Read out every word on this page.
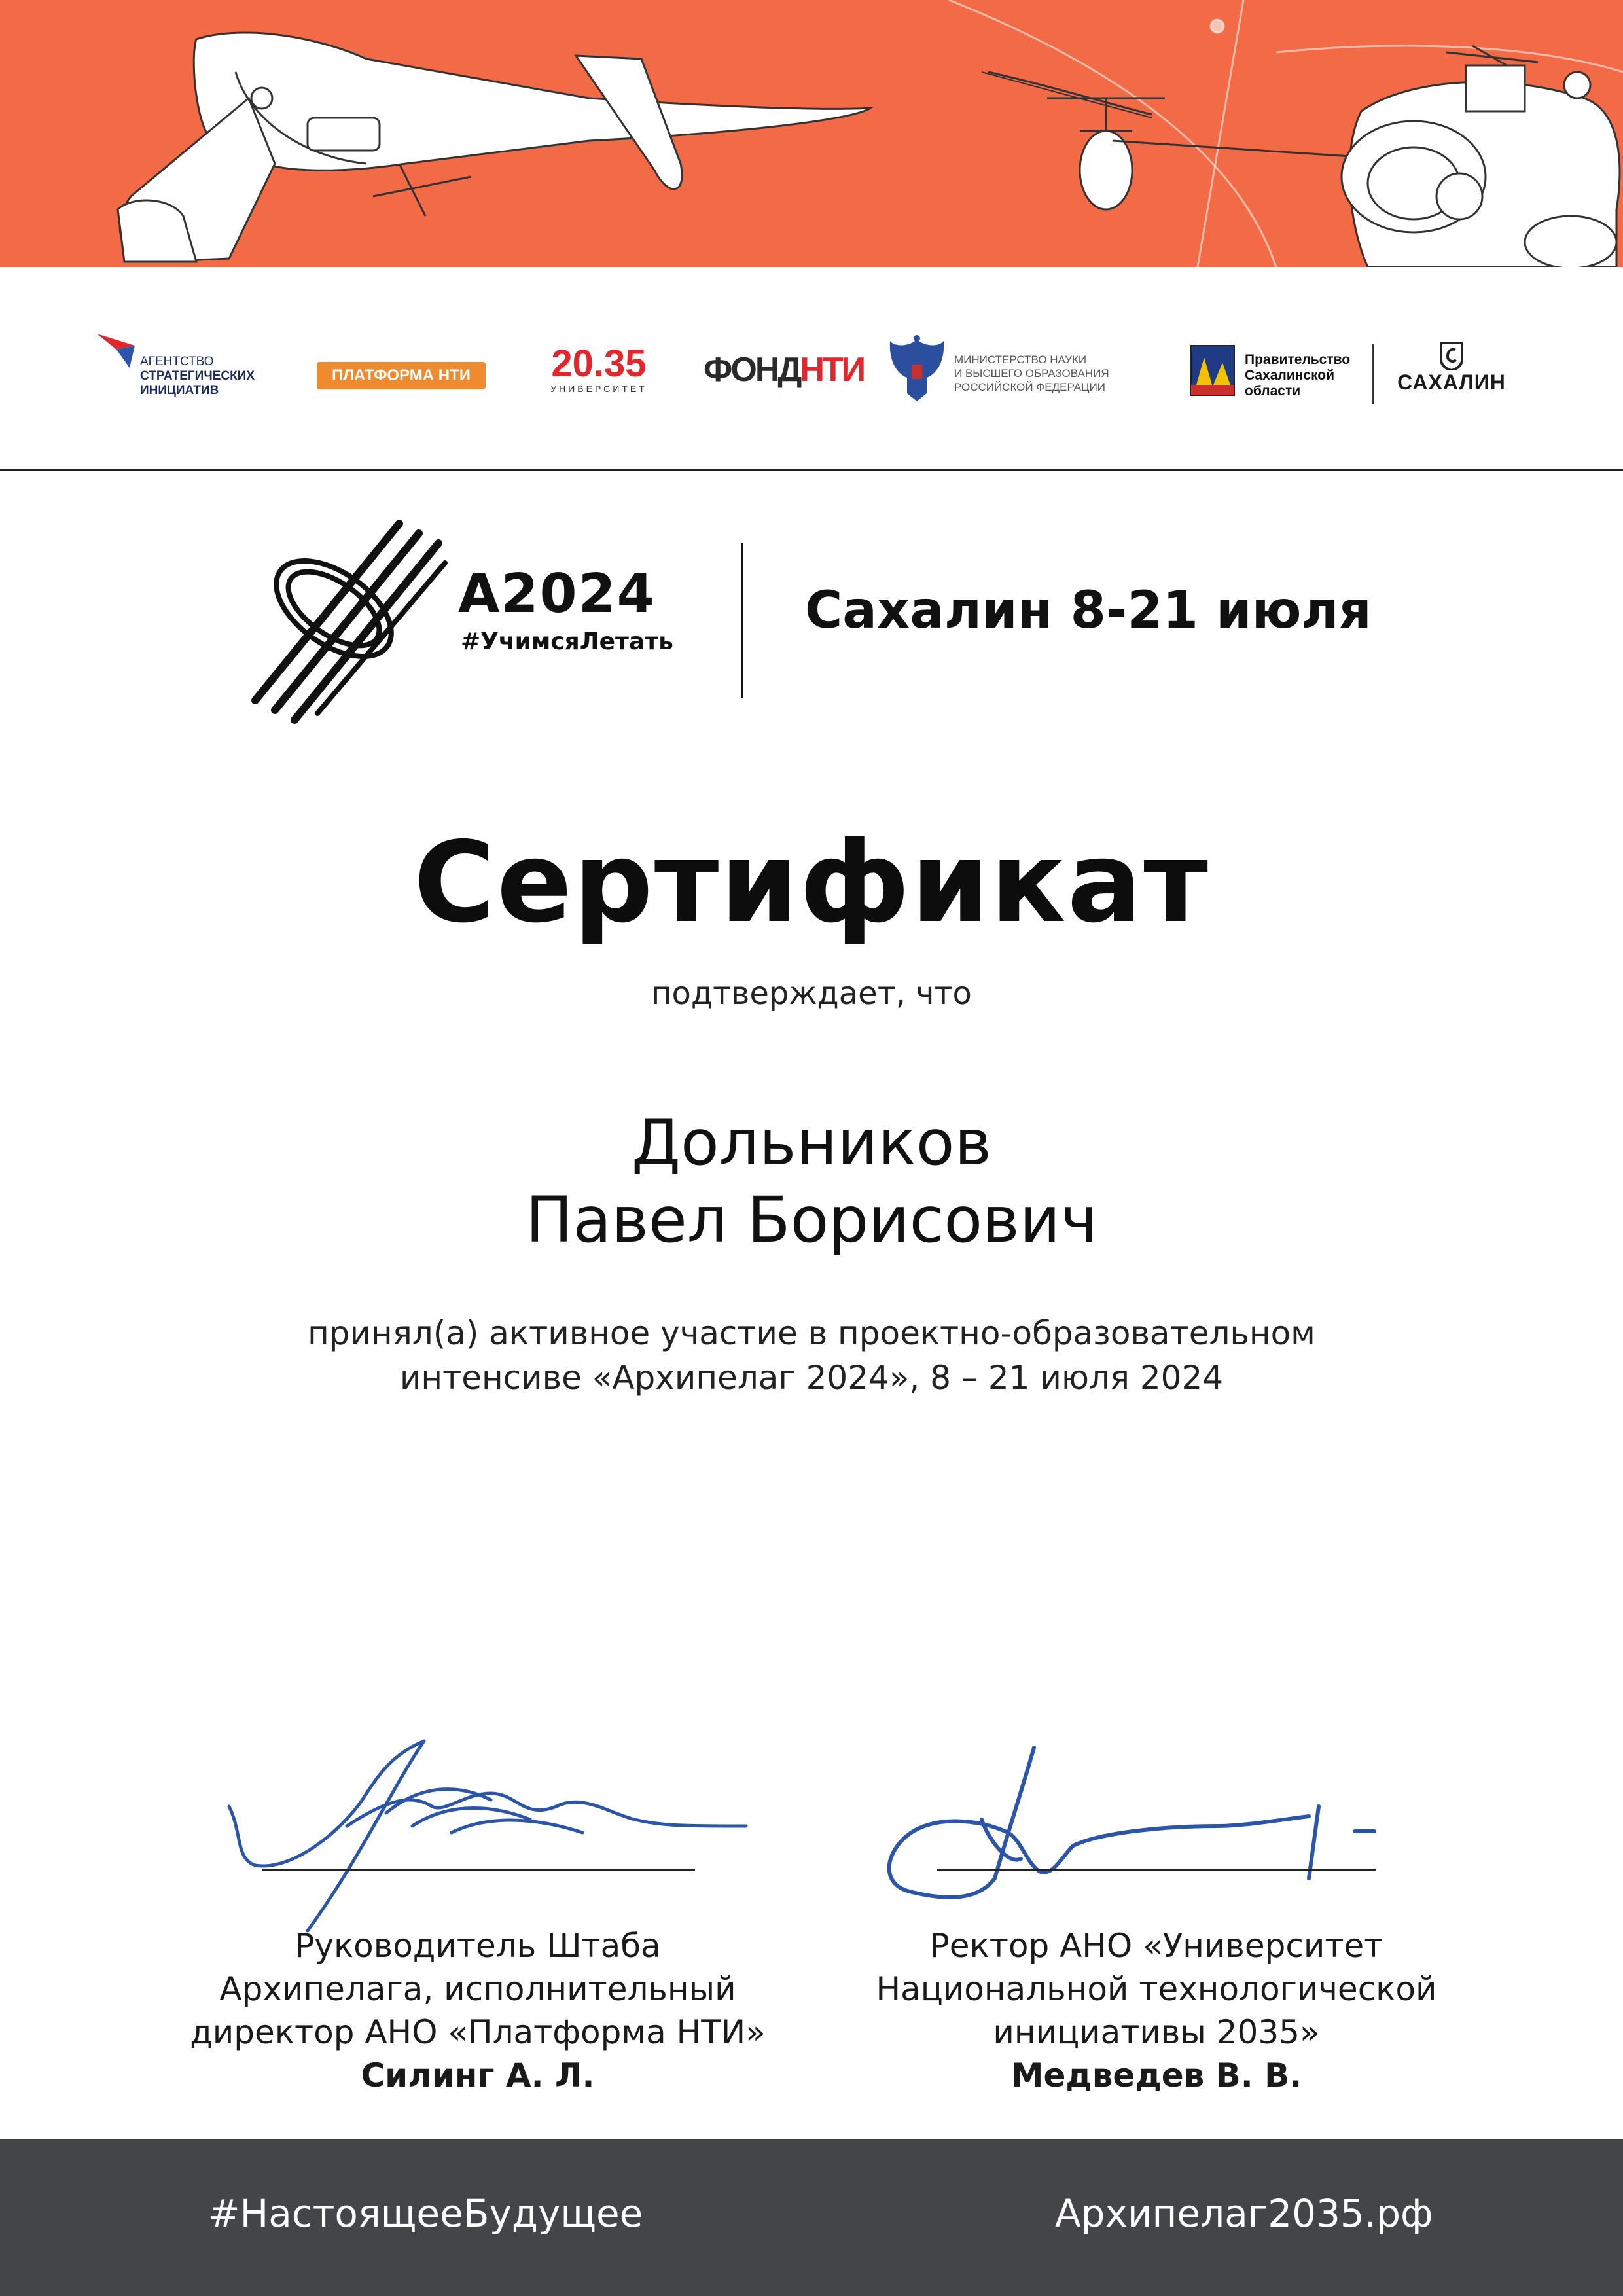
АГЕНТСТВО
СТРАТЕГИЧЕСКИХ
ИНИЦИАТИВ
ПЛАТФОРМА НТИ	20.35
УНИВЕРСИТЕТ ФОНДНТИ	МИНИСТЕРСТВО НАУКИ
И ВЫСШЕГО ОБРАЗОВАНИЯ
РОССИЙСКОЙ ФЕДЕРАЦИИ
Правительство
Сахалинской
области	САХАЛИН
A2024
#УчимсяЛетать
Сахалин 8-21 июля
Сертификат
подтверждает, что
Дольников
Павел Борисович
принял(а) активное участие в проектно-образовательном
интенсиве «Архипелаг 2024», 8 – 21 июля 2024
Руководитель Штаба
Архипелага, исполнительный
директор АНО «Платформа НТИ»
Силинг А. Л.
Ректор АНО «Университет
Национальной технологической
инициативы 2035»
Медведев В. В.
#НастоящееБудущее	Архипелаг2035.рф
